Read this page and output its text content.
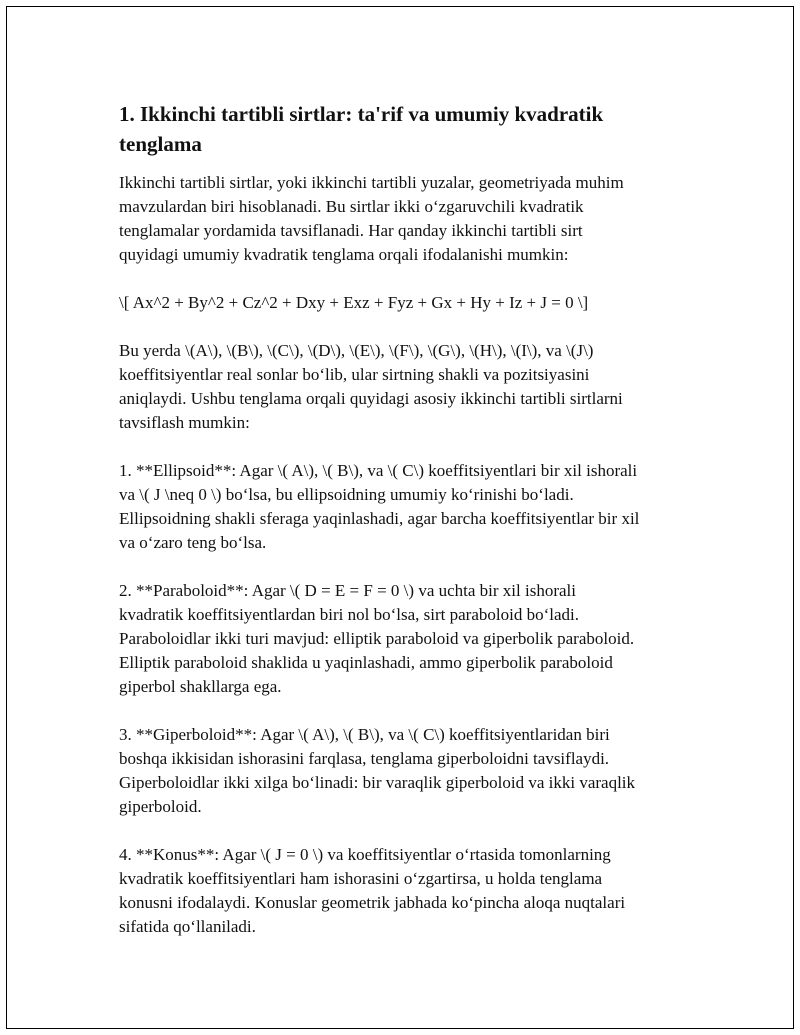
1. Ikkinchi tartibli sirtlar: ta'rif va umumiy kvadratik
tenglama

Ikkinchi tartibli sirtlar, yoki ikkinchi tartibli yuzalar, geometriyada muhim
mavzulardan biri hisoblanadi. Bu sirtlar ikki o‘zgaruvchili kvadratik
tenglamalar yordamida tavsiflanadi. Har qanday ikkinchi tartibli sirt
quyidagi umumiy kvadratik tenglama orqali ifodalanishi mumkin:

\[ Ax^2 + By^2 + Cz^2 + Dxy + Exz + Fyz + Gx + Hy + Iz + J = 0 \]

Bu yerda \(A\), \(B\), \(C\), \(D\), \(E\), \(F\), \(G\), \(H\), \(I\), va \(J\)
koeffitsiyentlar real sonlar bo‘lib, ular sirtning shakli va pozitsiyasini
aniqlaydi. Ushbu tenglama orqali quyidagi asosiy ikkinchi tartibli sirtlarni
tavsiflash mumkin:

1. **Ellipsoid**: Agar \( A\), \( B\), va \( C\) koeffitsiyentlari bir xil ishorali
va \( J \neq 0 \) bo‘lsa, bu ellipsoidning umumiy ko‘rinishi bo‘ladi.
Ellipsoidning shakli sferaga yaqinlashadi, agar barcha koeffitsiyentlar bir xil
va o‘zaro teng bo‘lsa.

2. **Paraboloid**: Agar \( D = E = F = 0 \) va uchta bir xil ishorali
kvadratik koeffitsiyentlardan biri nol bo‘lsa, sirt paraboloid bo‘ladi.
Paraboloidlar ikki turi mavjud: elliptik paraboloid va giperbolik paraboloid.
Elliptik paraboloid shaklida u yaqinlashadi, ammo giperbolik paraboloid
giperbol shakllarga ega.

3. **Giperboloid**: Agar \( A\), \( B\), va \( C\) koeffitsiyentlaridan biri
boshqa ikkisidan ishorasini farqlasa, tenglama giperboloidni tavsiflaydi.
Giperboloidlar ikki xilga bo‘linadi: bir varaqlik giperboloid va ikki varaqlik
giperboloid.

4. **Konus**: Agar \( J = 0 \) va koeffitsiyentlar o‘rtasida tomonlarning
kvadratik koeffitsiyentlari ham ishorasini o‘zgartirsa, u holda tenglama
konusni ifodalaydi. Konuslar geometrik jabhada ko‘pincha aloqa nuqtalari
sifatida qo‘llaniladi.
